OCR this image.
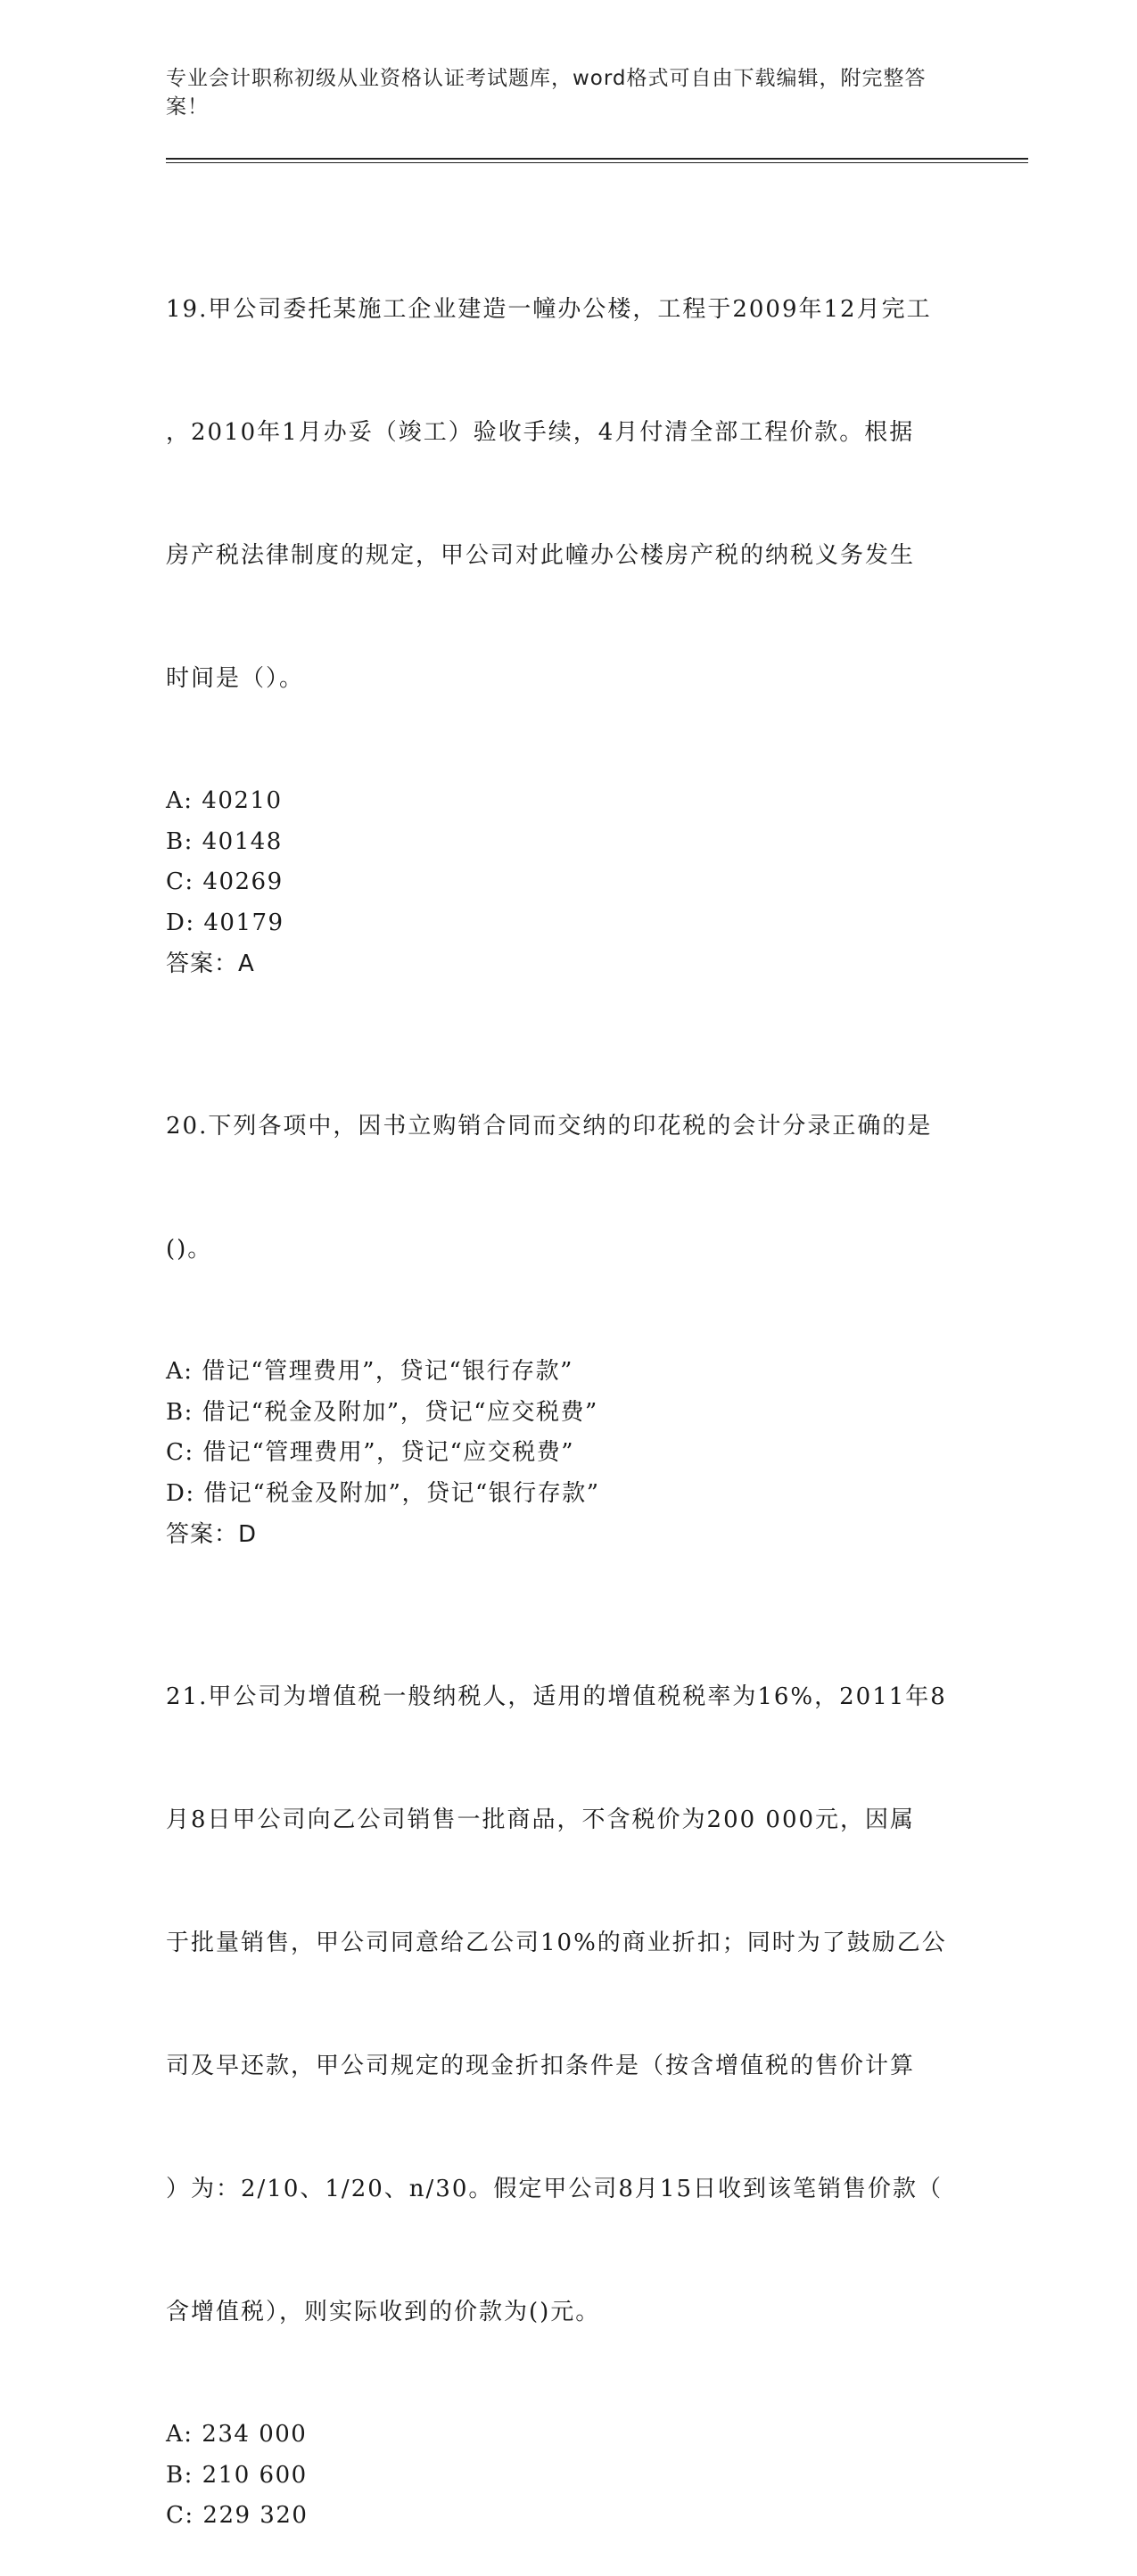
专业会计职称初级从业资格认证考试题库，word格式可自由下载编辑，附完整答案！

19.甲公司委托某施工企业建造一幢办公楼，工程于2009年12月完工

，2010年1月办妥（竣工）验收手续，4月付清全部工程价款。根据

房产税法律制度的规定，甲公司对此幢办公楼房产税的纳税义务发生

时间是（）。

A: 40210
B: 40148
C: 40269
D: 40179
答案：A

20.下列各项中，因书立购销合同而交纳的印花税的会计分录正确的是

()。

A: 借记“管理费用”，贷记“银行存款”
B: 借记“税金及附加”，贷记“应交税费”
C: 借记“管理费用”，贷记“应交税费”
D: 借记“税金及附加”，贷记“银行存款”
答案：D

21.甲公司为增值税一般纳税人，适用的增值税税率为16%，2011年8

月8日甲公司向乙公司销售一批商品，不含税价为200 000元，因属

于批量销售，甲公司同意给乙公司10%的商业折扣；同时为了鼓励乙公

司及早还款，甲公司规定的现金折扣条件是（按含增值税的售价计算

）为：2/10、1/20、n/30。假定甲公司8月15日收到该笔销售价款（

含增值税），则实际收到的价款为()元。

A: 234 000
B: 210 600
C: 229 320
